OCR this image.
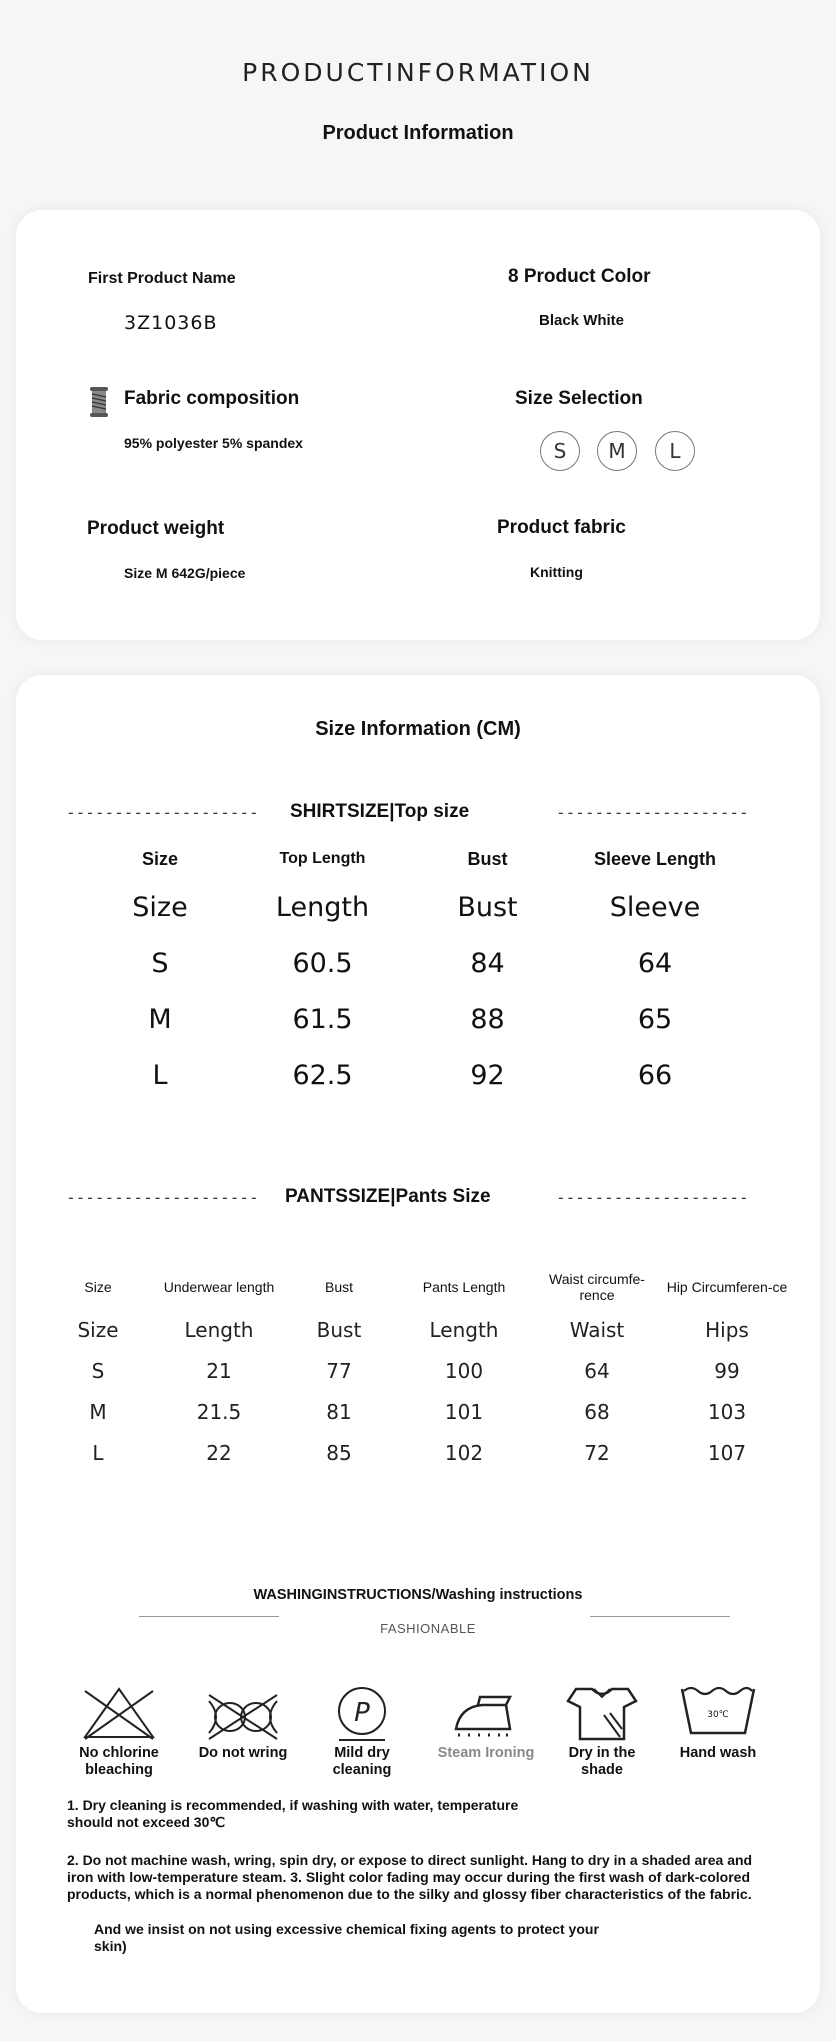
PRODUCTINFORMATION
Product Information
First Product Name
3Z1036B
8 Product Color
Black White
Fabric composition
95% polyester 5% spandex
Size Selection
S	M	L
Product weight
Size M 642G/piece
Product fabric
Knitting
Size Information (CM)
-------------------- SHIRTSIZE|Top size	--------------------
Size	Top Length	Bust	Sleeve Length
Size	Length	Bust	Sleeve
S	60.5	84	64
M	61.5	88	65
L	62.5	92	66
-------------------- PANTSSIZE|Pants Size	--------------------
Size	Underwear length	Bust	Pants Length	Waist circumfe-rence	Hip Circumferen-ce
Size	Length	Bust	Length	Waist	Hips
S	21	77	100	64	99
M	21.5	81	101	68	103
L	22	85	102	72	107
WASHINGINSTRUCTIONS/Washing instructions
FASHIONABLE
No chlorine bleaching
Do not wring
P
Mild dry cleaning
Steam Ironing	Dry in the shade
Hand wash
30℃
1. Dry cleaning is recommended, if washing with water, temperature should not exceed 30℃
2. Do not machine wash, wring, spin dry, or expose to direct sunlight. Hang to dry in a shaded area and iron with low-temperature steam. 3. Slight color fading may occur during the first wash of dark-colored products, which is a normal phenomenon due to the silky and glossy fiber characteristics of the fabric.
And we insist on not using excessive chemical fixing agents to protect your skin)
